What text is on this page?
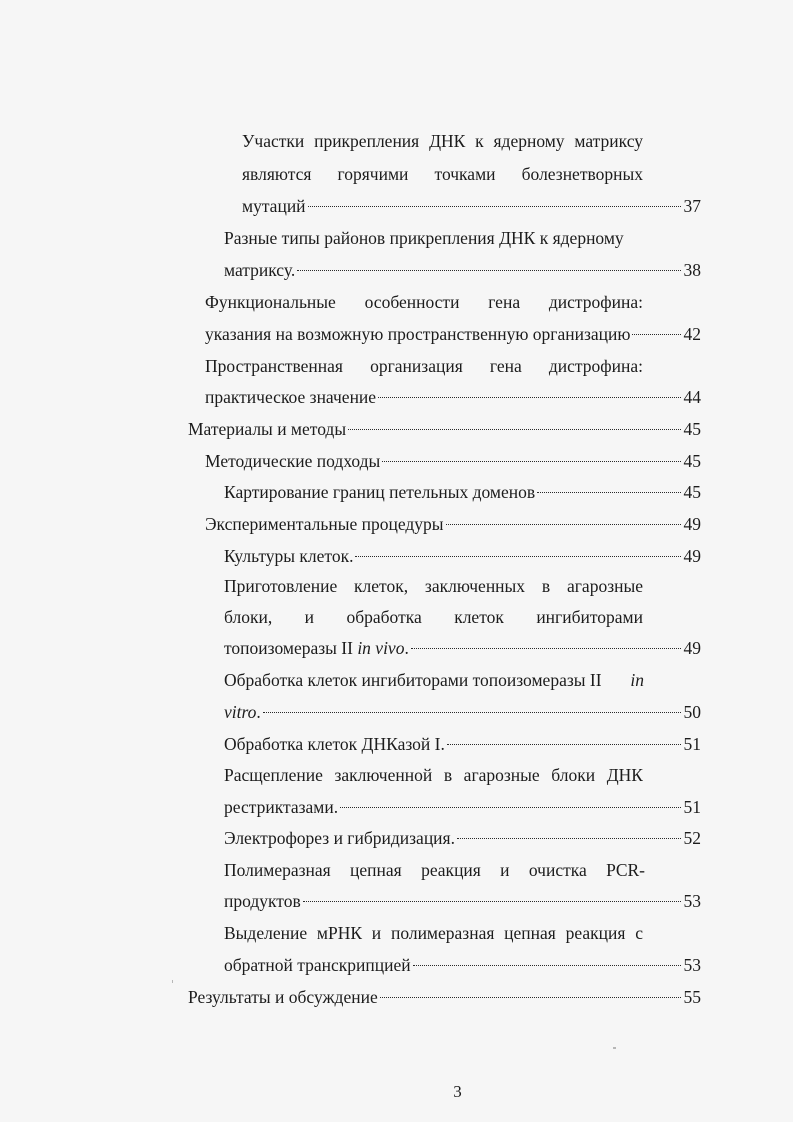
Участки прикрепления ДНК к ядерному матриксу
являются горячими точками болезнетворных
мутаций	37
Разные типы районов прикрепления ДНК к ядерному
матриксу.	38
Функциональные особенности гена дистрофина:
указания на возможную пространственную организацию	42
Пространственная организация гена дистрофина:
практическое значение	44
Материалы и методы	45
Методические подходы	45
Картирование границ петельных доменов	45
Экспериментальные процедуры	49
Культуры клеток.	49
Приготовление клеток, заключенных в агарозные
блоки, и обработка клеток ингибиторами
топоизомеразы II in vivo.	49
Обработка клеток ингибиторами топоизомеразы II in
vitro.	50
Обработка клеток ДНКазой I.	51
Расщепление заключенной в агарозные блоки ДНК
рестриктазами.	51
Электрофорез и гибридизация.	52
Полимеразная цепная реакция и очистка PCR-
продуктов	53
Выделение мРНК и полимеразная цепная реакция с
обратной транскрипцией	53
Результаты и обсуждение	55
3
